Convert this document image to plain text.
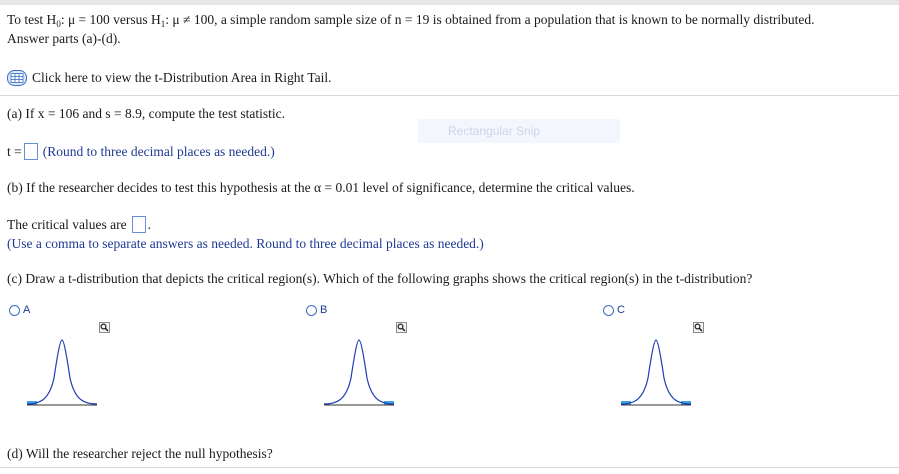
To test $H_0$: μ = 100 versus $H_1$: μ ≠ 100, a simple random sample size of n = 19 is obtained from a population that is known to be normally distributed.
Answer parts (a)-(d).
Click here to view the t-Distribution Area in Right Tail.
(a) If x = 106 and s = 8.9, compute the test statistic.
Rectangular Snip
t = (Round to three decimal places as needed.)
(b) If the researcher decides to test this hypothesis at the α = 0.01 level of significance, determine the critical values.
The critical values are .
(Use a comma to separate answers as needed. Round to three decimal places as needed.)
(c) Draw a t-distribution that depicts the critical region(s). Which of the following graphs shows the critical region(s) in the t-distribution?
A	B	C
(d) Will the researcher reject the null hypothesis?
